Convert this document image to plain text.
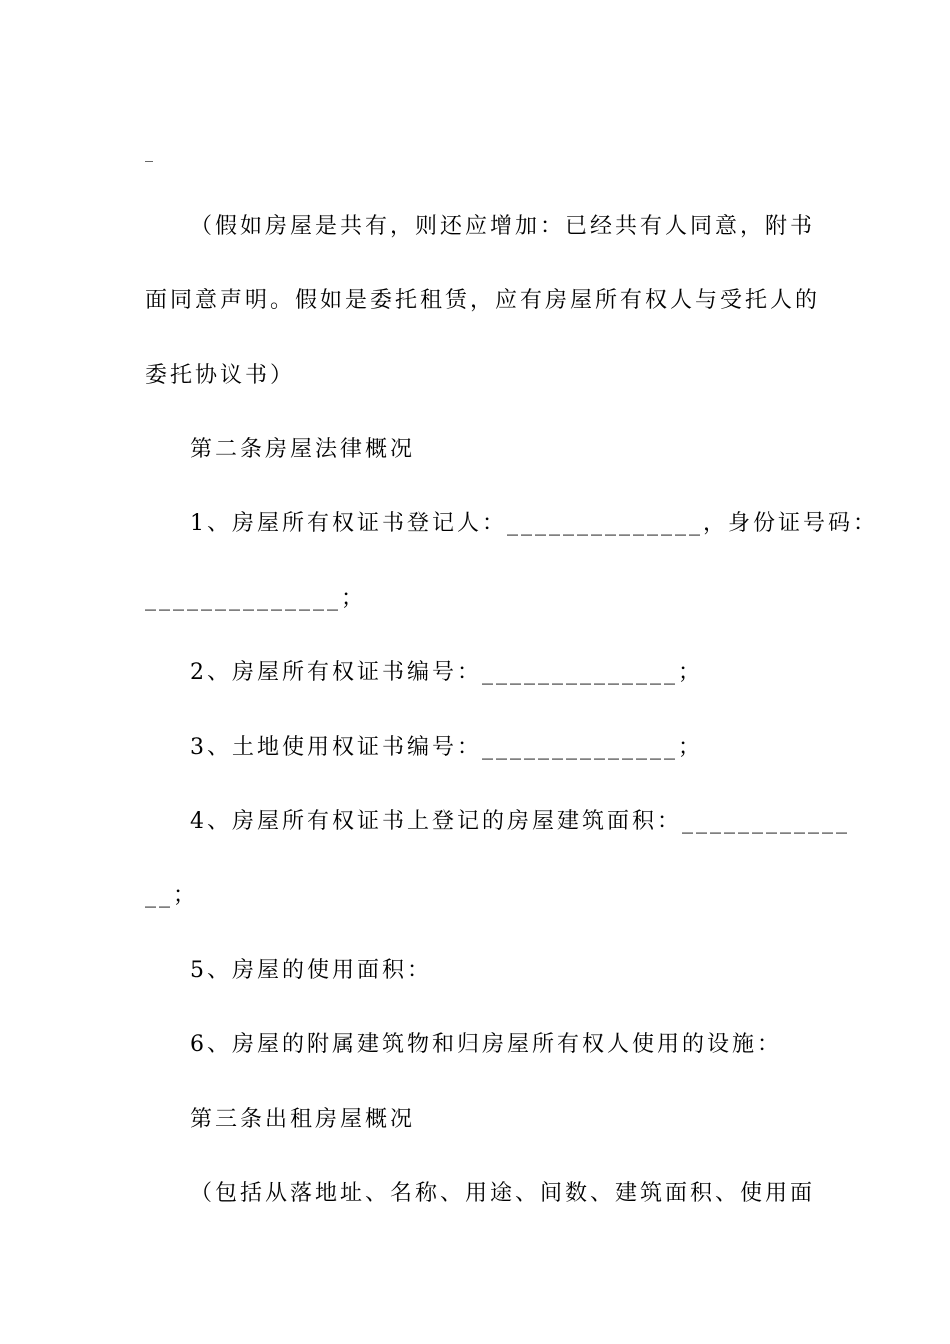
_
（假如房屋是共有，则还应增加：已经共有人同意，附书
面同意声明。假如是委托租赁，应有房屋所有权人与受托人的
委托协议书）
第二条房屋法律概况
1、房屋所有权证书登记人：______________，身份证号码：
______________；
2、房屋所有权证书编号：______________；
3、土地使用权证书编号：______________；
4、房屋所有权证书上登记的房屋建筑面积：____________
__；
5、房屋的使用面积：
6、房屋的附属建筑物和归房屋所有权人使用的设施：
第三条出租房屋概况
（包括从落地址、名称、用途、间数、建筑面积、使用面
